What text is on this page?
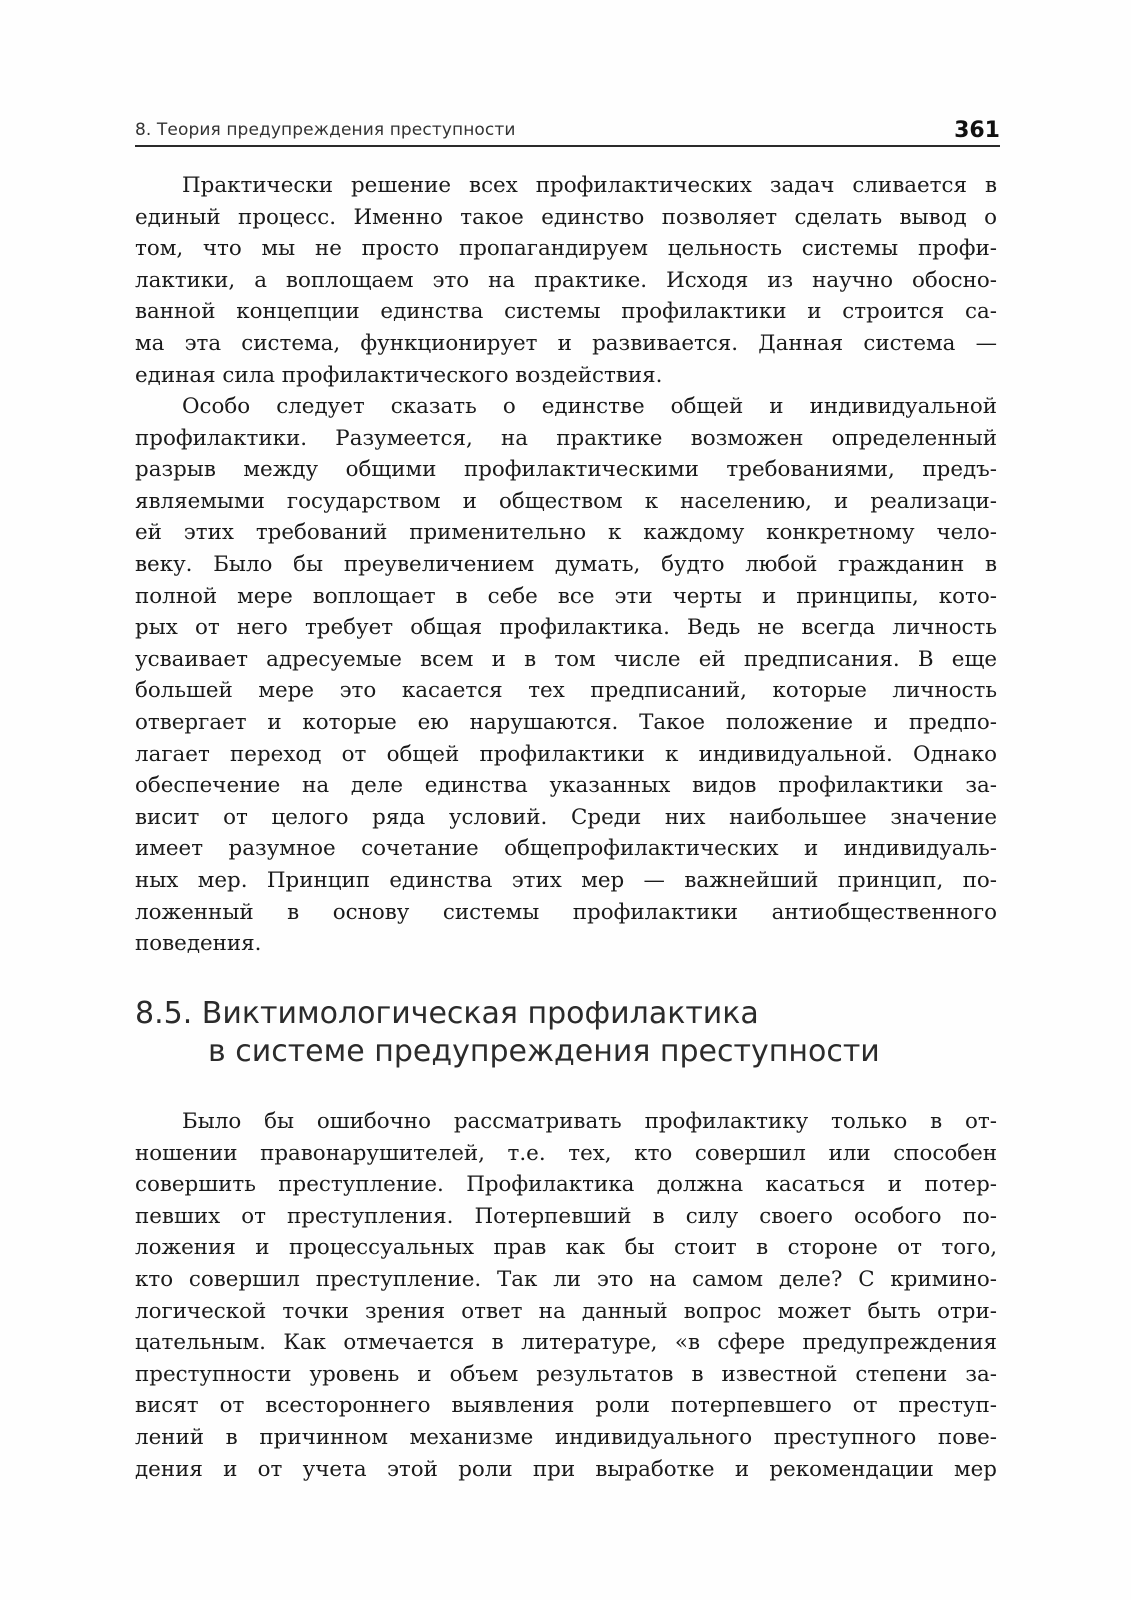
8. Теория предупреждения преступности	361
Практически решение всех профилактических задач сливается в
единый процесс. Именно такое единство позволяет сделать вывод о
том, что мы не просто пропагандируем цельность системы профи-
лактики, а воплощаем это на практике. Исходя из научно обосно-
ванной концепции единства системы профилактики и строится са-
ма эта система, функционирует и развивается. Данная система —
единая сила профилактического воздействия.
Особо следует сказать о единстве общей и индивидуальной
профилактики. Разумеется, на практике возможен определенный
разрыв между общими профилактическими требованиями, предъ-
являемыми государством и обществом к населению, и реализаци-
ей этих требований применительно к каждому конкретному чело-
веку. Было бы преувеличением думать, будто любой гражданин в
полной мере воплощает в себе все эти черты и принципы, кото-
рых от него требует общая профилактика. Ведь не всегда личность
усваивает адресуемые всем и в том числе ей предписания. В еще
большей мере это касается тех предписаний, которые личность
отвергает и которые ею нарушаются. Такое положение и предпо-
лагает переход от общей профилактики к индивидуальной. Однако
обеспечение на деле единства указанных видов профилактики за-
висит от целого ряда условий. Среди них наибольшее значение
имеет разумное сочетание общепрофилактических и индивидуаль-
ных мер. Принцип единства этих мер — важнейший принцип, по-
ложенный в основу системы профилактики антиобщественного
поведения.
8.5. Виктимологическая профилактика
в системе предупреждения преступности
Было бы ошибочно рассматривать профилактику только в от-
ношении правонарушителей, т.е. тех, кто совершил или способен
совершить преступление. Профилактика должна касаться и потер-
певших от преступления. Потерпевший в силу своего особого по-
ложения и процессуальных прав как бы стоит в стороне от того,
кто совершил преступление. Так ли это на самом деле? С кримино-
логической точки зрения ответ на данный вопрос может быть отри-
цательным. Как отмечается в литературе, «в сфере предупреждения
преступности уровень и объем результатов в известной степени за-
висят от всестороннего выявления роли потерпевшего от преступ-
лений в причинном механизме индивидуального преступного пове-
дения и от учета этой роли при выработке и рекомендации мер
